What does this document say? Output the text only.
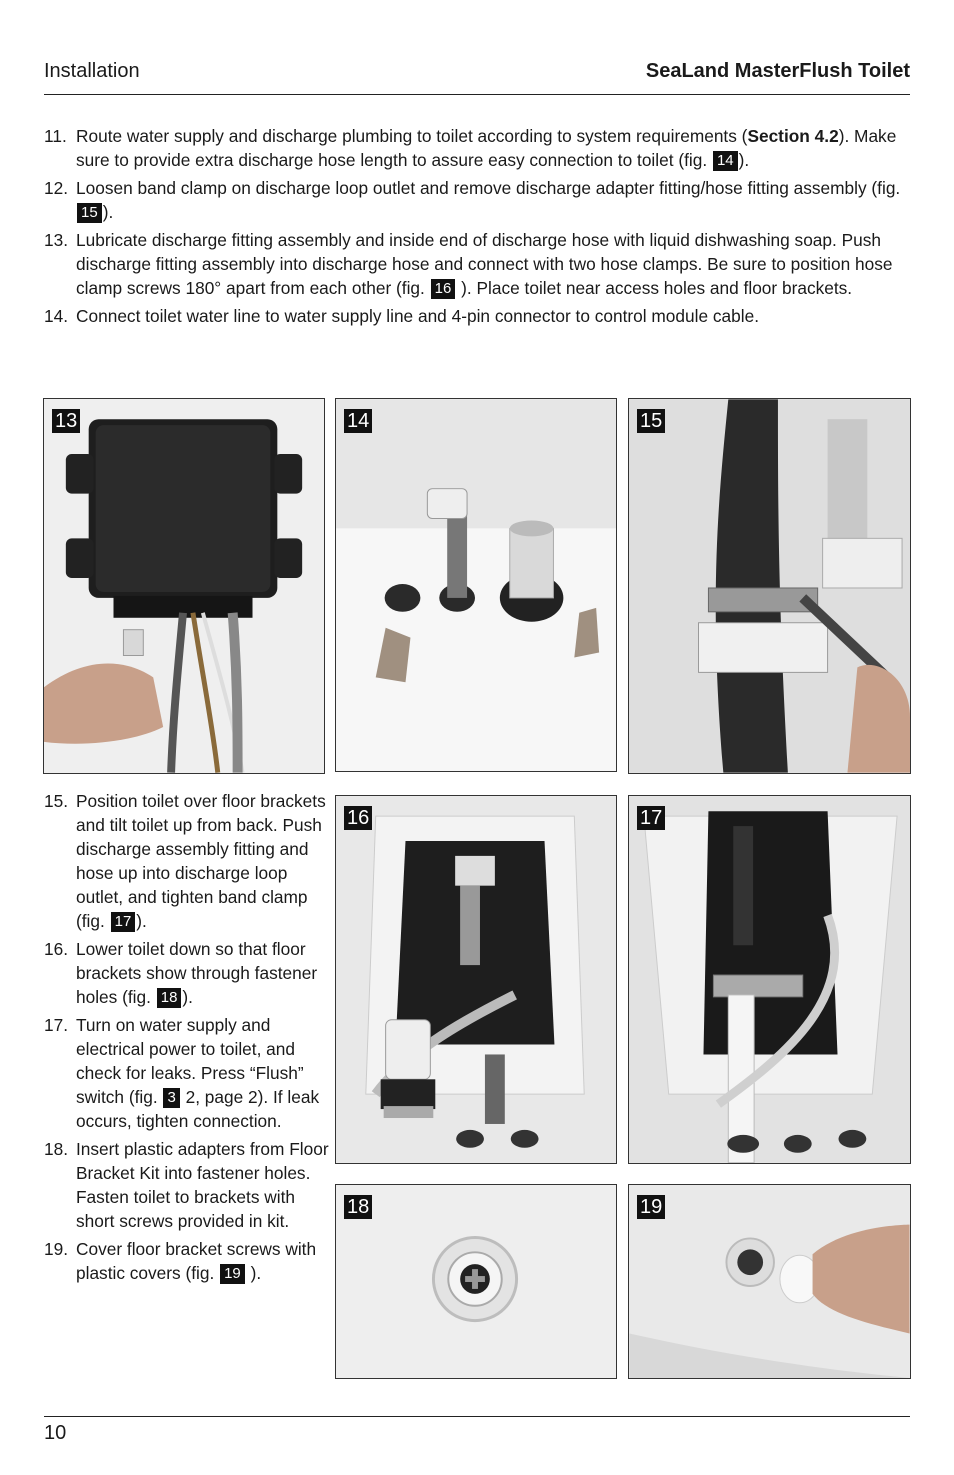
Installation	SeaLand MasterFlush Toilet
11. Route water supply and discharge plumbing to toilet according to system requirements (Section 4.2). Make sure to provide extra discharge hose length to assure easy connection to toilet (fig. 14 ).
12. Loosen band clamp on discharge loop outlet and remove discharge adapter fitting/hose fitting assembly (fig. 15 ).
13. Lubricate discharge fitting assembly and inside end of discharge hose with liquid dishwashing soap. Push discharge fitting assembly into discharge hose and connect with two hose clamps. Be sure to position hose clamp screws 180° apart from each other (fig. 16 ). Place toilet near access holes and floor brackets.
14. Connect toilet water line to water supply line and 4-pin connector to control module cable.
13	14	15
15. Position toilet over floor brackets and tilt toilet up from back. Push discharge assembly fitting and hose up into discharge loop outlet, and tighten band clamp (fig. 17 ).
16. Lower toilet down so that floor brackets show through fastener holes (fig. 18 ).
17. Turn on water supply and electrical power to toilet, and check for leaks. Press “Flush” switch (fig. 3 2, page 2). If leak occurs, tighten connection.
18. Insert plastic adapters from Floor Bracket Kit into fastener holes. Fasten toilet to brackets with short screws provided in kit.
19. Cover floor bracket screws with plastic covers (fig. 19 ).
16	17
18	19
10
